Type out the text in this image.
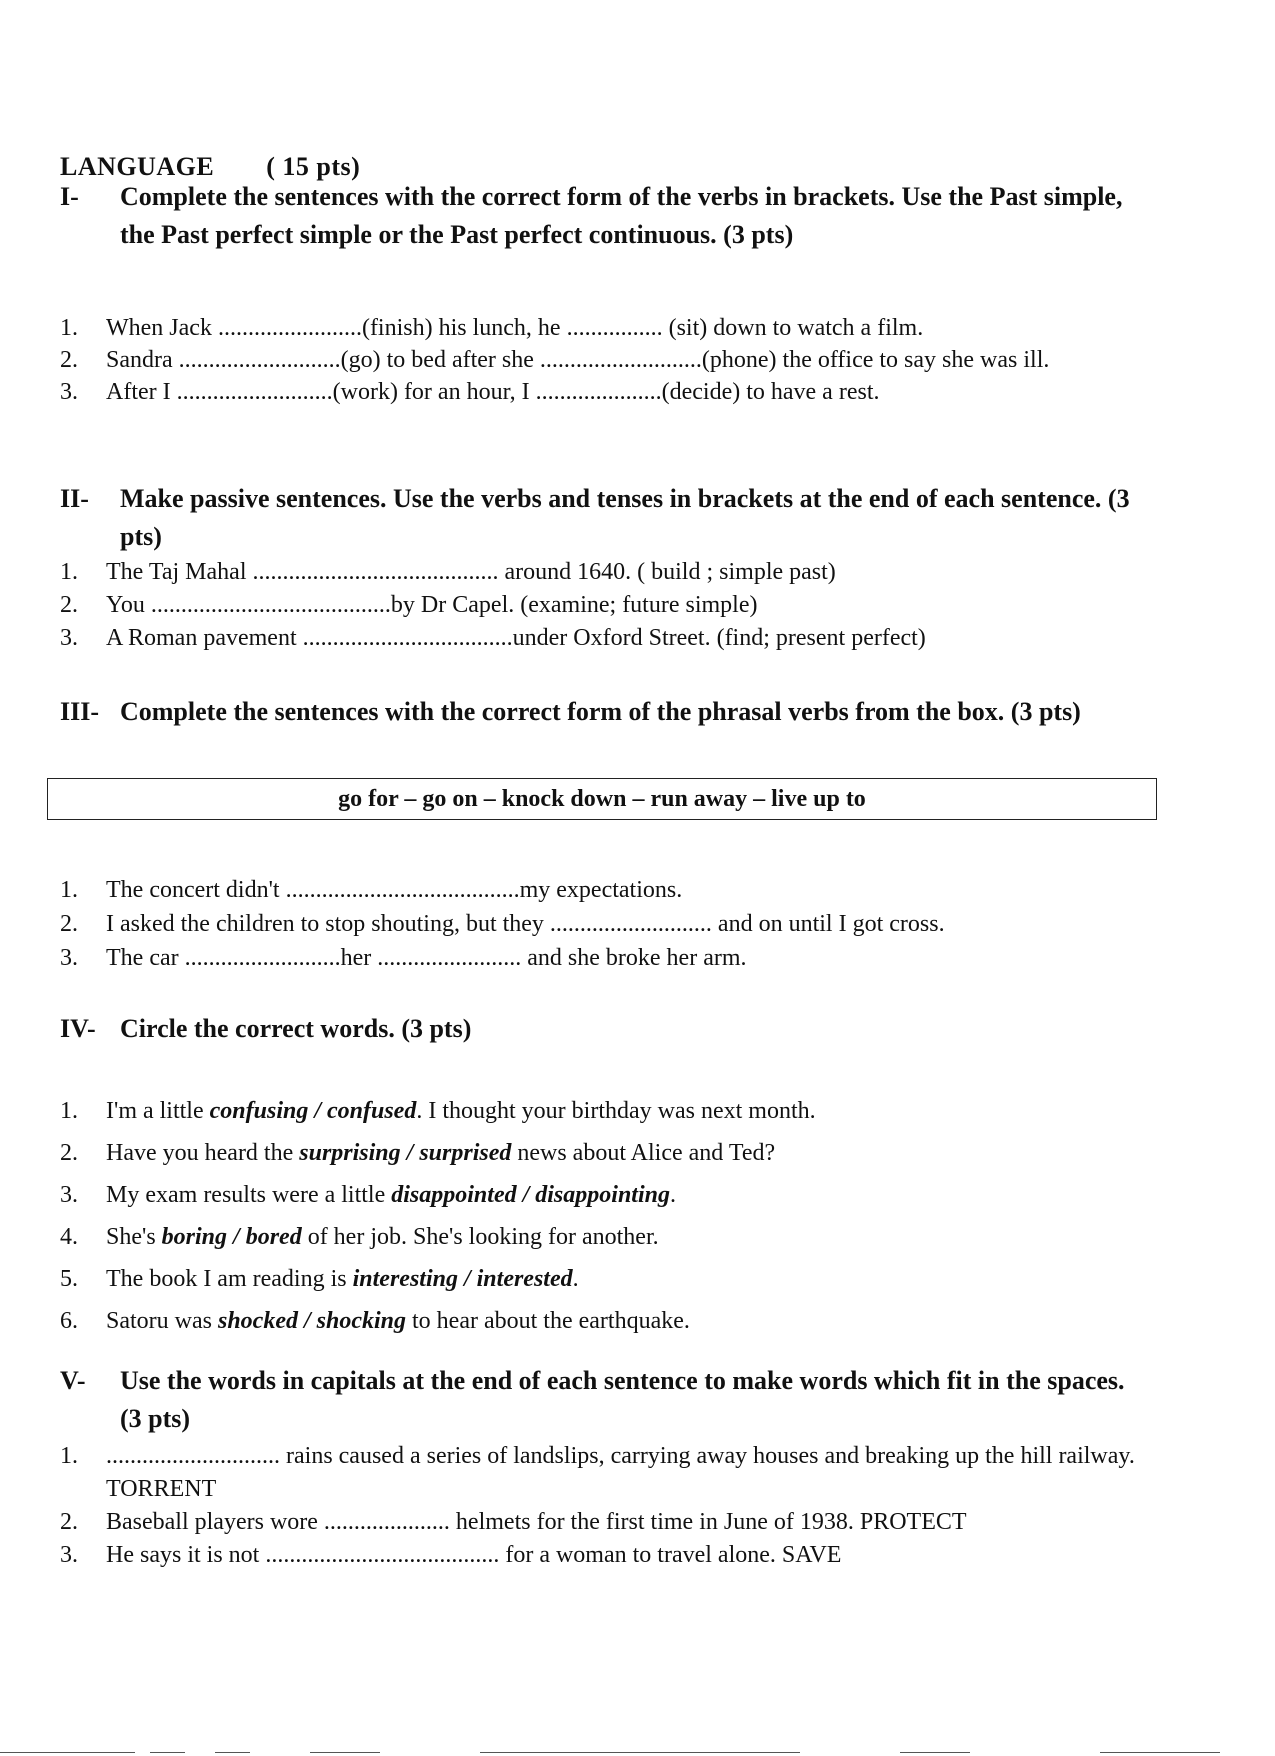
LANGUAGE ( 15 pts)
I-	Complete the sentences with the correct form of the verbs in brackets. Use the Past simple, the Past perfect simple or the Past perfect continuous. (3 pts)
1. When Jack ........................(finish) his lunch, he ................ (sit) down to watch a film.
2. Sandra ...........................(go) to bed after she ...........................(phone) the office to say she was ill.
3. After I ..........................(work) for an hour, I .....................(decide) to have a rest.
II-	Make passive sentences. Use the verbs and tenses in brackets at the end of each sentence. (3 pts)
1. The Taj Mahal ......................................... around 1640. ( build ; simple past)
2. You ........................................by Dr Capel. (examine; future simple)
3. A Roman pavement ...................................under Oxford Street. (find; present perfect)
III- Complete the sentences with the correct form of the phrasal verbs from the box. (3 pts)
go for – go on – knock down – run away – live up to
1. The concert didn't .......................................my expectations.
2. I asked the children to stop shouting, but they ........................... and on until I got cross.
3. The car ..........................her ........................ and she broke her arm.
IV- Circle the correct words. (3 pts)
1. I'm a little confusing / confused. I thought your birthday was next month.
2. Have you heard the surprising / surprised news about Alice and Ted?
3. My exam results were a little disappointed / disappointing.
4. She's boring / bored of her job. She's looking for another.
5. The book I am reading is interesting / interested.
6. Satoru was shocked / shocking to hear about the earthquake.
V-	Use the words in capitals at the end of each sentence to make words which fit in the spaces. (3 pts)
1. ............................. rains caused a series of landslips, carrying away houses and breaking up the hill railway. TORRENT
2. Baseball players wore ..................... helmets for the first time in June of 1938. PROTECT
3. He says it is not ....................................... for a woman to travel alone. SAVE
